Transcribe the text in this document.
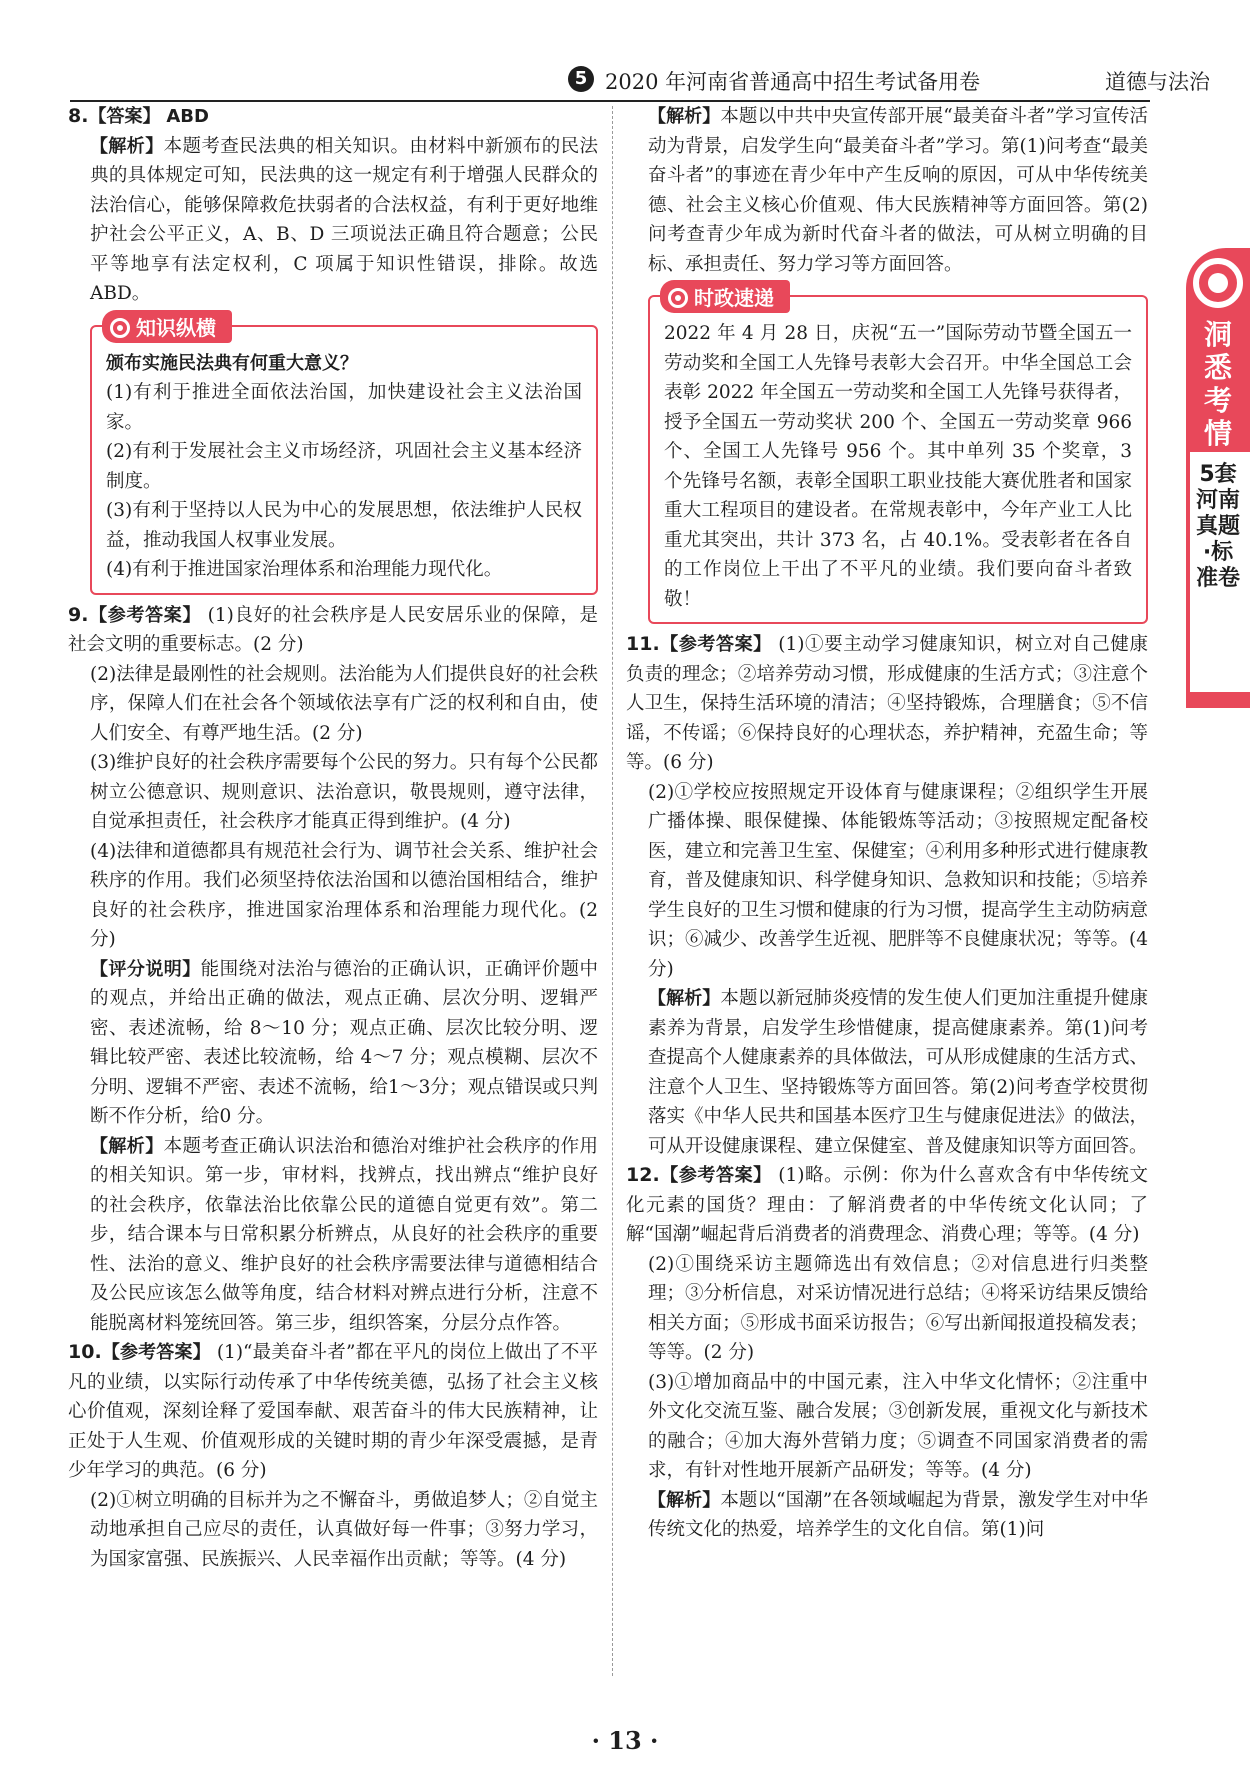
5 2020 年河南省普通高中招生考试备用卷	道德与法治
洞悉考情
5套河南真题·标准卷
8.【答案】 ABD
【解析】本题考查民法典的相关知识。由材料中新颁布的民法典的具体规定可知，民法典的这一规定有利于增强人民群众的法治信心，能够保障救危扶弱者的合法权益，有利于更好地维护社会公平正义，A、B、D 三项说法正确且符合题意；公民平等地享有法定权利，C 项属于知识性错误，排除。故选 ABD。
知识纵横
颁布实施民法典有何重大意义？
(1)有利于推进全面依法治国，加快建设社会主义法治国家。
(2)有利于发展社会主义市场经济，巩固社会主义基本经济制度。
(3)有利于坚持以人民为中心的发展思想，依法维护人民权益，推动我国人权事业发展。
(4)有利于推进国家治理体系和治理能力现代化。
9.【参考答案】 (1)良好的社会秩序是人民安居乐业的保障，是社会文明的重要标志。(2 分)
(2)法律是最刚性的社会规则。法治能为人们提供良好的社会秩序，保障人们在社会各个领域依法享有广泛的权利和自由，使人们安全、有尊严地生活。(2 分)
(3)维护良好的社会秩序需要每个公民的努力。只有每个公民都树立公德意识、规则意识、法治意识，敬畏规则，遵守法律，自觉承担责任，社会秩序才能真正得到维护。(4 分)
(4)法律和道德都具有规范社会行为、调节社会关系、维护社会秩序的作用。我们必须坚持依法治国和以德治国相结合，维护良好的社会秩序，推进国家治理体系和治理能力现代化。(2 分)
【评分说明】能围绕对法治与德治的正确认识，正确评价题中的观点，并给出正确的做法，观点正确、层次分明、逻辑严密、表述流畅，给 8～10 分；观点正确、层次比较分明、逻辑比较严密、表述比较流畅，给 4～7 分；观点模糊、层次不分明、逻辑不严密、表述不流畅，给1～3分；观点错误或只判断不作分析，给0 分。
【解析】本题考查正确认识法治和德治对维护社会秩序的作用的相关知识。第一步，审材料，找辨点，找出辨点“维护良好的社会秩序，依靠法治比依靠公民的道德自觉更有效”。第二步，结合课本与日常积累分析辨点，从良好的社会秩序的重要性、法治的意义、维护良好的社会秩序需要法律与道德相结合及公民应该怎么做等角度，结合材料对辨点进行分析，注意不能脱离材料笼统回答。第三步，组织答案，分层分点作答。
10.【参考答案】 (1)“最美奋斗者”都在平凡的岗位上做出了不平凡的业绩，以实际行动传承了中华传统美德，弘扬了社会主义核心价值观，深刻诠释了爱国奉献、艰苦奋斗的伟大民族精神，让正处于人生观、价值观形成的关键时期的青少年深受震撼，是青少年学习的典范。(6 分)
(2)①树立明确的目标并为之不懈奋斗，勇做追梦人；②自觉主动地承担自己应尽的责任，认真做好每一件事；③努力学习，为国家富强、民族振兴、人民幸福作出贡献；等等。(4 分)
【解析】本题以中共中央宣传部开展“最美奋斗者”学习宣传活动为背景，启发学生向“最美奋斗者”学习。第(1)问考查“最美奋斗者”的事迹在青少年中产生反响的原因，可从中华传统美德、社会主义核心价值观、伟大民族精神等方面回答。第(2)问考查青少年成为新时代奋斗者的做法，可从树立明确的目标、承担责任、努力学习等方面回答。
时政速递
2022 年 4 月 28 日，庆祝“五一”国际劳动节暨全国五一劳动奖和全国工人先锋号表彰大会召开。中华全国总工会表彰 2022 年全国五一劳动奖和全国工人先锋号获得者，授予全国五一劳动奖状 200 个、全国五一劳动奖章 966 个、全国工人先锋号 956 个。其中单列 35 个奖章，3 个先锋号名额，表彰全国职工职业技能大赛优胜者和国家重大工程项目的建设者。在常规表彰中，今年产业工人比重尤其突出，共计 373 名，占 40.1%。受表彰者在各自的工作岗位上干出了不平凡的业绩。我们要向奋斗者致敬！
11.【参考答案】 (1)①要主动学习健康知识，树立对自己健康负责的理念；②培养劳动习惯，形成健康的生活方式；③注意个人卫生，保持生活环境的清洁；④坚持锻炼，合理膳食；⑤不信谣，不传谣；⑥保持良好的心理状态，养护精神，充盈生命；等等。(6 分)
(2)①学校应按照规定开设体育与健康课程；②组织学生开展广播体操、眼保健操、体能锻炼等活动；③按照规定配备校医，建立和完善卫生室、保健室；④利用多种形式进行健康教育，普及健康知识、科学健身知识、急救知识和技能；⑤培养学生良好的卫生习惯和健康的行为习惯，提高学生主动防病意识；⑥减少、改善学生近视、肥胖等不良健康状况；等等。(4 分)
【解析】本题以新冠肺炎疫情的发生使人们更加注重提升健康素养为背景，启发学生珍惜健康，提高健康素养。第(1)问考查提高个人健康素养的具体做法，可从形成健康的生活方式、注意个人卫生、坚持锻炼等方面回答。第(2)问考查学校贯彻落实《中华人民共和国基本医疗卫生与健康促进法》的做法，可从开设健康课程、建立保健室、普及健康知识等方面回答。
12.【参考答案】 (1)略。示例：你为什么喜欢含有中华传统文化元素的国货？理由：了解消费者的中华传统文化认同；了解“国潮”崛起背后消费者的消费理念、消费心理；等等。(4 分)
(2)①围绕采访主题筛选出有效信息；②对信息进行归类整理；③分析信息，对采访情况进行总结；④将采访结果反馈给相关方面；⑤形成书面采访报告；⑥写出新闻报道投稿发表；等等。(2 分)
(3)①增加商品中的中国元素，注入中华文化情怀；②注重中外文化交流互鉴、融合发展；③创新发展，重视文化与新技术的融合；④加大海外营销力度；⑤调查不同国家消费者的需求，有针对性地开展新产品研发；等等。(4 分)
【解析】本题以“国潮”在各领域崛起为背景，激发学生对中华传统文化的热爱，培养学生的文化自信。第(1)问
· 13 ·
